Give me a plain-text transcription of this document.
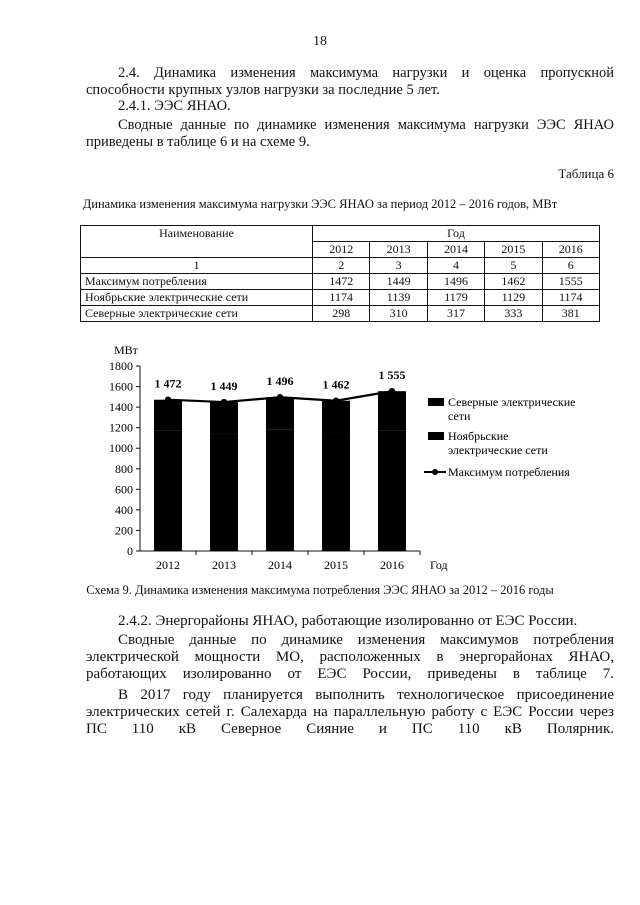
18

2.4. Динамика изменения максимума нагрузки и оценка пропускной способности крупных узлов нагрузки за последние 5 лет.

2.4.1. ЭЭС ЯНАО.

Сводные данные по динамике изменения максимума нагрузки ЭЭС ЯНАО приведены в таблице 6 и на схеме 9.

Таблица 6
Динамика изменения максимума нагрузки ЭЭС ЯНАО за период 2012 – 2016 годов, МВт
Наименование	Год				
	2012	2013	2014	2015	2016
1	2	3	4	5	6
Максимум потребления	1472	1449	1496	1462	1555
Ноябрьские электрические сети	1174	1139	1179	1129	1174
Северные электрические сети	298	310	317	333	381
МВт
0
200
400
600
800
1000
1200
1400
1600
1800
2012	2013	2014	2015	2016 Год
1 472 1 449 1 496 1 462
1 555
Северные электрические
сети
Ноябрьские
электрические сети
Максимум потребления
Схема 9. Динамика изменения максимума потребления ЭЭС ЯНАО за 2012 – 2016 годы

2.4.2. Энергорайоны ЯНАО, работающие изолированно от ЕЭС России.

Сводные данные по динамике изменения максимумов потребления электрической мощности МО, расположенных в энергорайонах ЯНАО, работающих изолированно от ЕЭС России, приведены в таблице 7.

В 2017 году планируется выполнить технологическое присоединение электрических сетей г. Салехарда на параллельную работу с ЕЭС России через ПС 110 кВ Северное Сияние и ПС 110 кВ Полярник.
